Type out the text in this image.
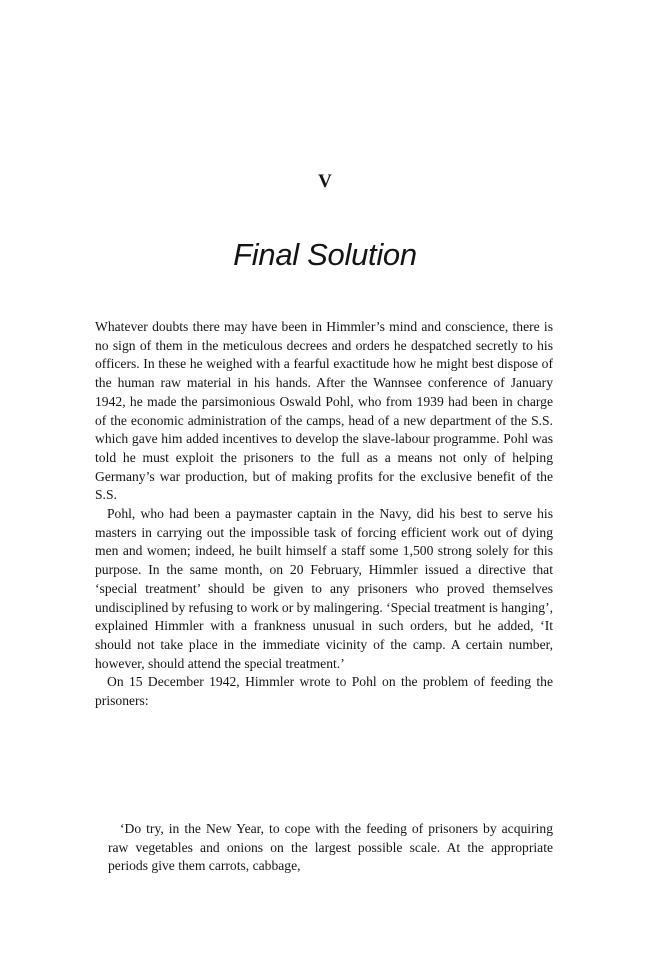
V
Final Solution

Whatever doubts there may have been in Himmler’s mind and conscience, there is no sign of them in the meticulous decrees and orders he despatched secretly to his officers. In these he weighed with a fearful exactitude how he might best dispose of the human raw material in his hands. After the Wannsee conference of January 1942, he made the parsimonious Oswald Pohl, who from 1939 had been in charge of the economic administration of the camps, head of a new department of the S.S. which gave him added incentives to develop the slave-labour programme. Pohl was told he must exploit the prisoners to the full as a means not only of helping Germany’s war production, but of making profits for the exclusive benefit of the S.S.

Pohl, who had been a paymaster captain in the Navy, did his best to serve his masters in carrying out the impossible task of forcing efficient work out of dying men and women; indeed, he built himself a staff some 1,500 strong solely for this purpose. In the same month, on 20 February, Himmler issued a directive that ‘special treatment’ should be given to any prisoners who proved themselves undisciplined by refusing to work or by malingering. ‘Special treatment is hanging’, explained Himmler with a frankness unusual in such orders, but he added, ‘It should not take place in the immediate vicinity of the camp. A certain number, however, should attend the special treatment.’

On 15 December 1942, Himmler wrote to Pohl on the problem of feeding the prisoners:

‘Do try, in the New Year, to cope with the feeding of prisoners by acquiring raw vegetables and onions on the largest possible scale. At the appropriate periods give them carrots, cabbage,
